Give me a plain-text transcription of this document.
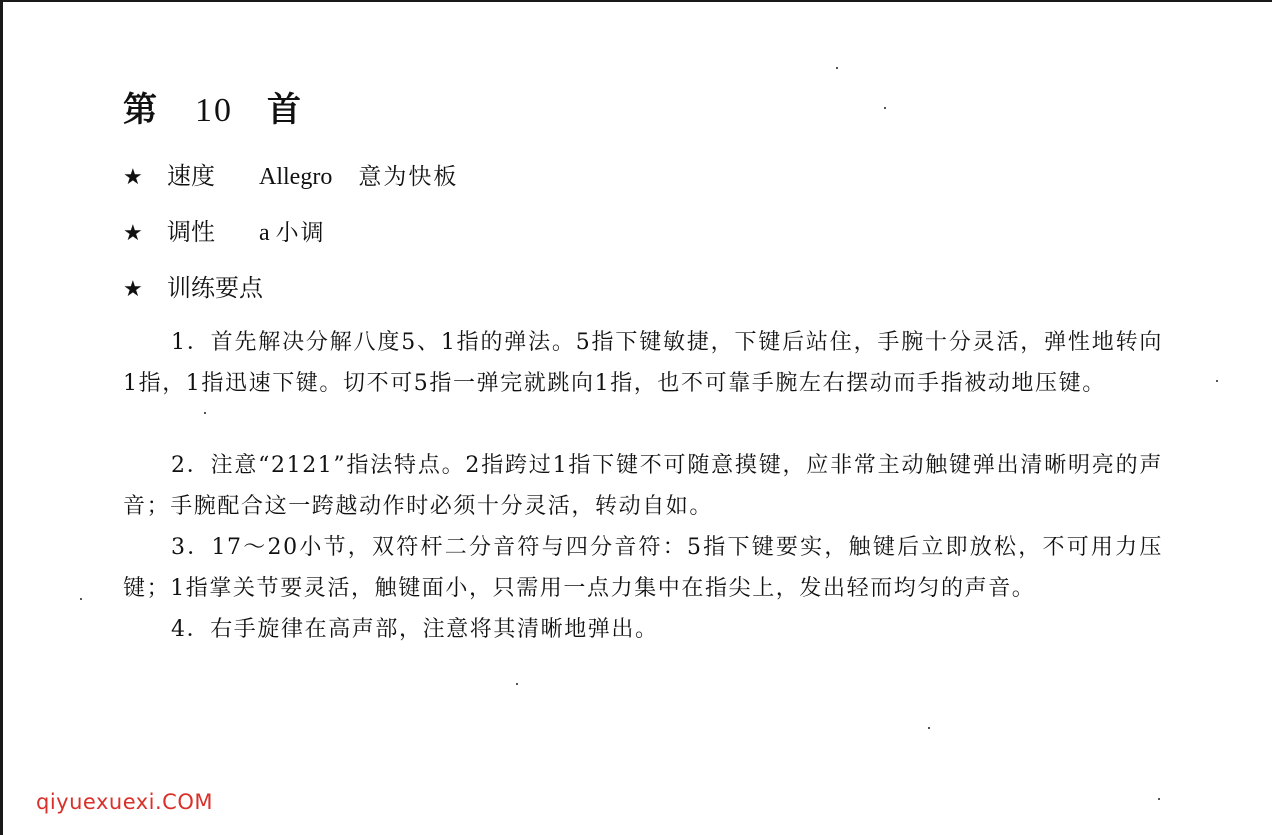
第 10 首
★	速度	Allegro 意为快板
★	调性	a 小调
★	训练要点
1．首先解决分解八度5、1指的弹法。5指下键敏捷，下键后站住，手腕十分灵活，弹性地转向1指，1指迅速下键。切不可5指一弹完就跳向1指，也不可靠手腕左右摆动而手指被动地压键。
2．注意“2121”指法特点。2指跨过1指下键不可随意摸键，应非常主动触键弹出清晰明亮的声音；手腕配合这一跨越动作时必须十分灵活，转动自如。
3．17～20小节，双符杆二分音符与四分音符：5指下键要实，触键后立即放松，不可用力压键；1指掌关节要灵活，触键面小，只需用一点力集中在指尖上，发出轻而均匀的声音。
4．右手旋律在高声部，注意将其清晰地弹出。
qiyuexuexi.COM
